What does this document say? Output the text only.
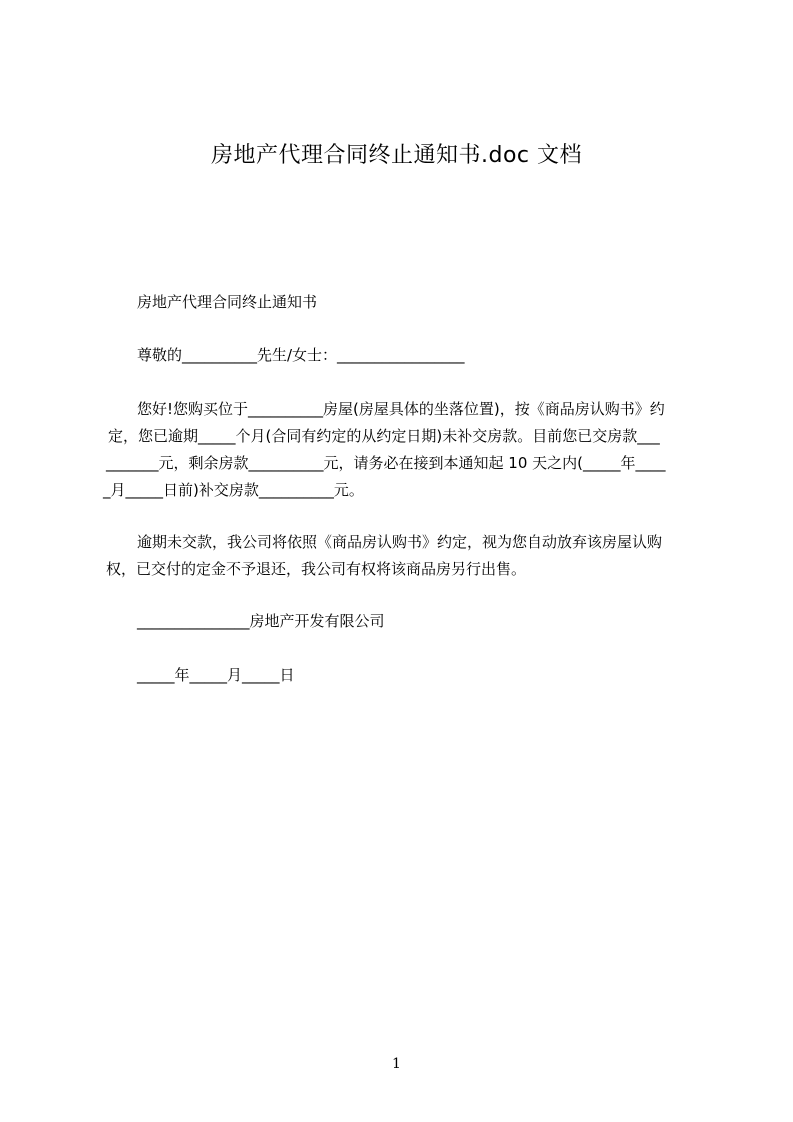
房地产代理合同终止通知书.doc 文档
房地产代理合同终止通知书
尊敬的__________先生/女士：_________________
您好!您购买位于__________房屋(房屋具体的坐落位置)，按《商品房认购书》约
定，您已逾期_____个月(合同有约定的从约定日期)未补交房款。目前您已交房款___
_______元，剩余房款__________元，请务必在接到本通知起 10 天之内(_____年____
_月_____日前)补交房款__________元。
逾期未交款，我公司将依照《商品房认购书》约定，视为您自动放弃该房屋认购
权，已交付的定金不予退还，我公司有权将该商品房另行出售。
_______________房地产开发有限公司
_____年_____月_____日
1
